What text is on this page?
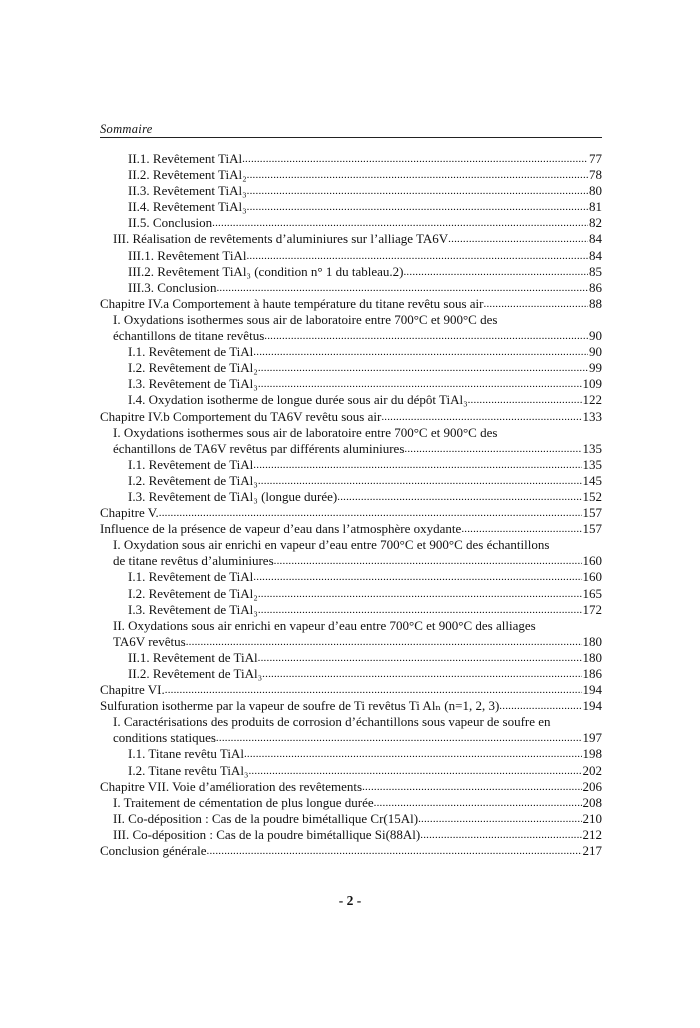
Sommaire
II.1. Revêtement TiAl .....	77
II.2. Revêtement TiAl₂ .....	78
II.3. Revêtement TiAl₃ .....	80
II.4. Revêtement TiAl₃ .....	81
II.5. Conclusion .....	82
III. Réalisation de revêtements d’aluminiures sur l’alliage TA6V .....	84
III.1. Revêtement TiAl .....	84
III.2. Revêtement TiAl₃ (condition n° 1 du tableau.2) .....	85
III.3. Conclusion .....	86
Chapitre IV.a Comportement à haute température du titane revêtu sous air .....	88
I. Oxydations isothermes sous air de laboratoire entre 700°C et 900°C des
échantillons de titane revêtus .....	90
I.1. Revêtement de TiAl .....	90
I.2. Revêtement de TiAl₂ .....	99
I.3. Revêtement de TiAl₃ .....	109
I.4. Oxydation isotherme de longue durée sous air du dépôt TiAl₃ .....	122
Chapitre IV.b Comportement du TA6V revêtu sous air .....	133
I. Oxydations isothermes sous air de laboratoire entre 700°C et 900°C des
échantillons de TA6V revêtus par différents aluminiures .....	135
I.1. Revêtement de TiAl .....	135
I.2. Revêtement de TiAl₃ .....	145
I.3. Revêtement de TiAl₃ (longue durée) .....	152
Chapitre V. .....	157
Influence de la présence de vapeur d’eau dans l’atmosphère oxydante .....	157
I. Oxydation sous air enrichi en vapeur d’eau entre 700°C et 900°C des échantillons
de titane revêtus d’aluminiures .....	160
I.1. Revêtement de TiAl .....	160
I.2. Revêtement de TiAl₂ .....	165
I.3. Revêtement de TiAl₃ .....	172
II. Oxydations sous air enrichi en vapeur d’eau entre 700°C et 900°C des alliages
TA6V revêtus .....	180
II.1. Revêtement de TiAl .....	180
II.2. Revêtement de TiAl₃ .....	186
Chapitre VI. .....	194
Sulfuration isotherme par la vapeur de soufre de Ti revêtus Ti Alₙ (n=1, 2, 3) .....	194
I. Caractérisations des produits de corrosion d’échantillons sous vapeur de soufre en
conditions statiques .....	197
I.1. Titane revêtu TiAl .....	198
I.2. Titane revêtu TiAl₃ .....	202
Chapitre VII. Voie d’amélioration des revêtements .....	206
I. Traitement de cémentation de plus longue durée .....	208
II. Co-déposition : Cas de la poudre bimétallique Cr(15Al) .....	210
III. Co-déposition : Cas de la poudre bimétallique Si(88Al) .....	212
Conclusion générale .....	217
- 2 -
